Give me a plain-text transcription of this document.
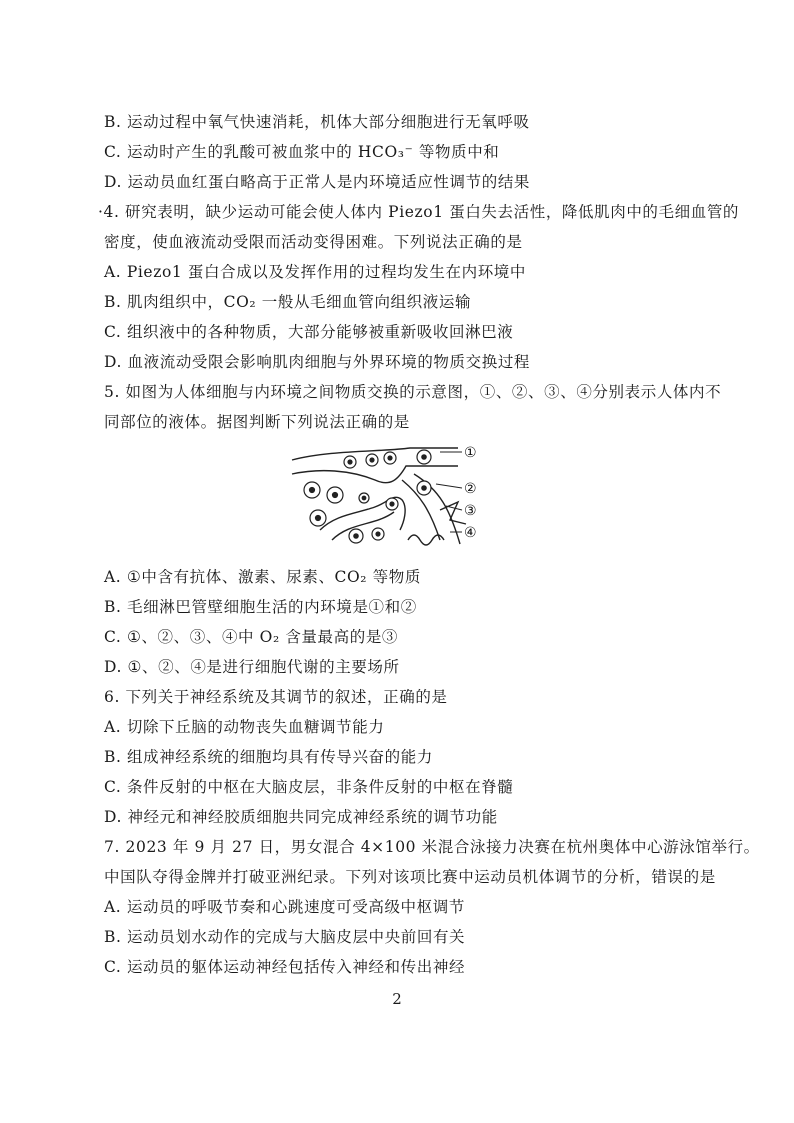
B. 运动过程中氧气快速消耗，机体大部分细胞进行无氧呼吸
C. 运动时产生的乳酸可被血浆中的 HCO₃⁻ 等物质中和
D. 运动员血红蛋白略高于正常人是内环境适应性调节的结果
·4. 研究表明，缺少运动可能会使人体内 Piezo1 蛋白失去活性，降低肌肉中的毛细血管的
密度，使血液流动受限而活动变得困难。下列说法正确的是
A. Piezo1 蛋白合成以及发挥作用的过程均发生在内环境中
B. 肌肉组织中，CO₂ 一般从毛细血管向组织液运输
C. 组织液中的各种物质，大部分能够被重新吸收回淋巴液
D. 血液流动受限会影响肌肉细胞与外界环境的物质交换过程
5. 如图为人体细胞与内环境之间物质交换的示意图，①、②、③、④分别表示人体内不
同部位的液体。据图判断下列说法正确的是
①
②
③
④
A. ①中含有抗体、激素、尿素、CO₂ 等物质
B. 毛细淋巴管壁细胞生活的内环境是①和②
C. ①、②、③、④中 O₂ 含量最高的是③
D. ①、②、④是进行细胞代谢的主要场所
6. 下列关于神经系统及其调节的叙述，正确的是
A. 切除下丘脑的动物丧失血糖调节能力
B. 组成神经系统的细胞均具有传导兴奋的能力
C. 条件反射的中枢在大脑皮层，非条件反射的中枢在脊髓
D. 神经元和神经胶质细胞共同完成神经系统的调节功能
7. 2023 年 9 月 27 日，男女混合 4×100 米混合泳接力决赛在杭州奥体中心游泳馆举行。
中国队夺得金牌并打破亚洲纪录。下列对该项比赛中运动员机体调节的分析，错误的是
A. 运动员的呼吸节奏和心跳速度可受高级中枢调节
B. 运动员划水动作的完成与大脑皮层中央前回有关
C. 运动员的躯体运动神经包括传入神经和传出神经
2
